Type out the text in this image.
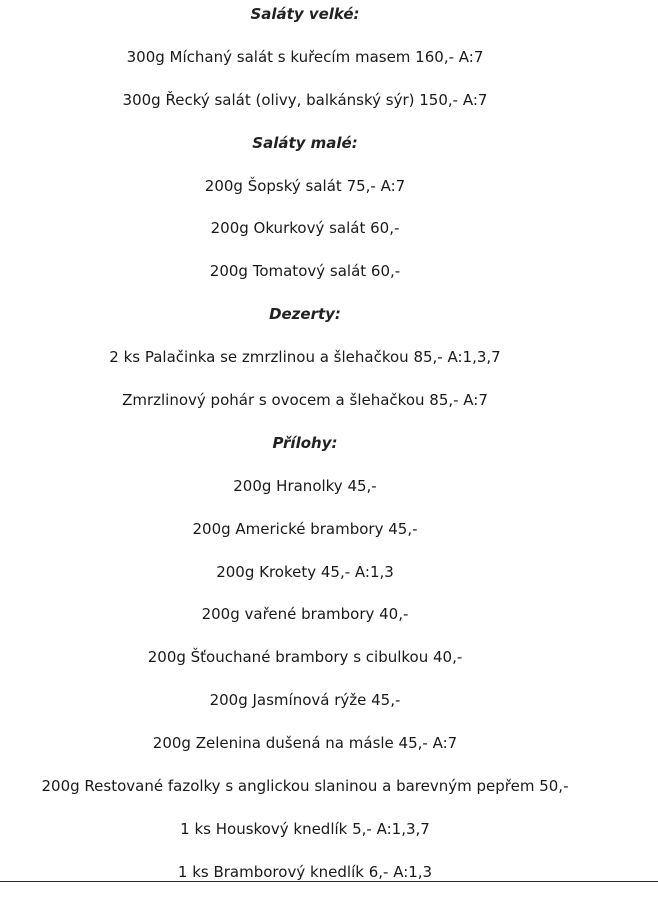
Saláty velké:
300g Míchaný salát s kuřecím masem 160,- A:7
300g Řecký salát (olivy, balkánský sýr) 150,- A:7
Saláty malé:
200g Šopský salát 75,- A:7
200g Okurkový salát 60,-
200g Tomatový salát 60,-
Dezerty:
2 ks Palačinka se zmrzlinou a šlehačkou 85,- A:1,3,7
Zmrzlinový pohár s ovocem a šlehačkou 85,- A:7
Přílohy:
200g Hranolky 45,-
200g Americké brambory 45,-
200g Krokety 45,- A:1,3
200g vařené brambory 40,-
200g Šťouchané brambory s cibulkou 40,-
200g Jasmínová rýže 45,-
200g Zelenina dušená na másle 45,- A:7
200g Restované fazolky s anglickou slaninou a barevným pepřem 50,-
1 ks Houskový knedlík 5,- A:1,3,7
1 ks Bramborový knedlík 6,- A:1,3
